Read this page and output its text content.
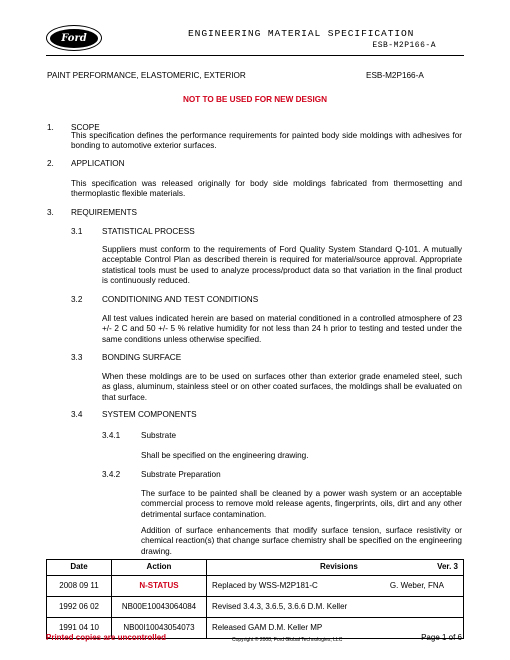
Ford	ENGINEERING MATERIAL SPECIFICATION
ESB-M2P166-A
PAINT PERFORMANCE, ELASTOMERIC, EXTERIOR	ESB-M2P166-A
NOT TO BE USED FOR NEW DESIGN
1. SCOPE
This specification defines the performance requirements for painted body side moldings with adhesives for bonding to automotive exterior surfaces.
2. APPLICATION
This specification was released originally for body side moldings fabricated from thermosetting and thermoplastic flexible materials.
3. REQUIREMENTS
3.1 STATISTICAL PROCESS
Suppliers must conform to the requirements of Ford Quality System Standard Q-101. A mutually acceptable Control Plan as described therein is required for material/source approval. Appropriate statistical tools must be used to analyze process/product data so that variation in the final product is continuously reduced.
3.2 CONDITIONING AND TEST CONDITIONS
All test values indicated herein are based on material conditioned in a controlled atmosphere of 23 +/- 2 C and 50 +/- 5 % relative humidity for not less than 24 h prior to testing and tested under the same conditions unless otherwise specified.
3.3 BONDING SURFACE
When these moldings are to be used on surfaces other than exterior grade enameled steel, such as glass, aluminum, stainless steel or on other coated surfaces, the moldings shall be evaluated on that surface.
3.4 SYSTEM COMPONENTS
3.4.1	Substrate
Shall be specified on the engineering drawing.
3.4.2	Substrate Preparation
The surface to be painted shall be cleaned by a power wash system or an acceptable commercial process to remove mold release agents, fingerprints, oils, dirt and any other detrimental surface contamination.
Addition of surface enhancements that modify surface tension, surface resistivity or chemical reaction(s) that change surface chemistry shall be specified on the engineering drawing.
Date	Action	Revisions Ver. 3

2008 09 11	N-STATUS	Replaced by WSS-M2P181-C G. Weber, FNA

1992 06 02	NB00E10043064084	Revised 3.4.3, 3.6.5, 3.6.6 D.M. Keller
1991 04 10	NB00I10043054073	Released GAM D.M. Keller MP
Printed copies are uncontrolled	Copyright © 2008, Ford Global Technologies, LLC	Page 1 of 6
